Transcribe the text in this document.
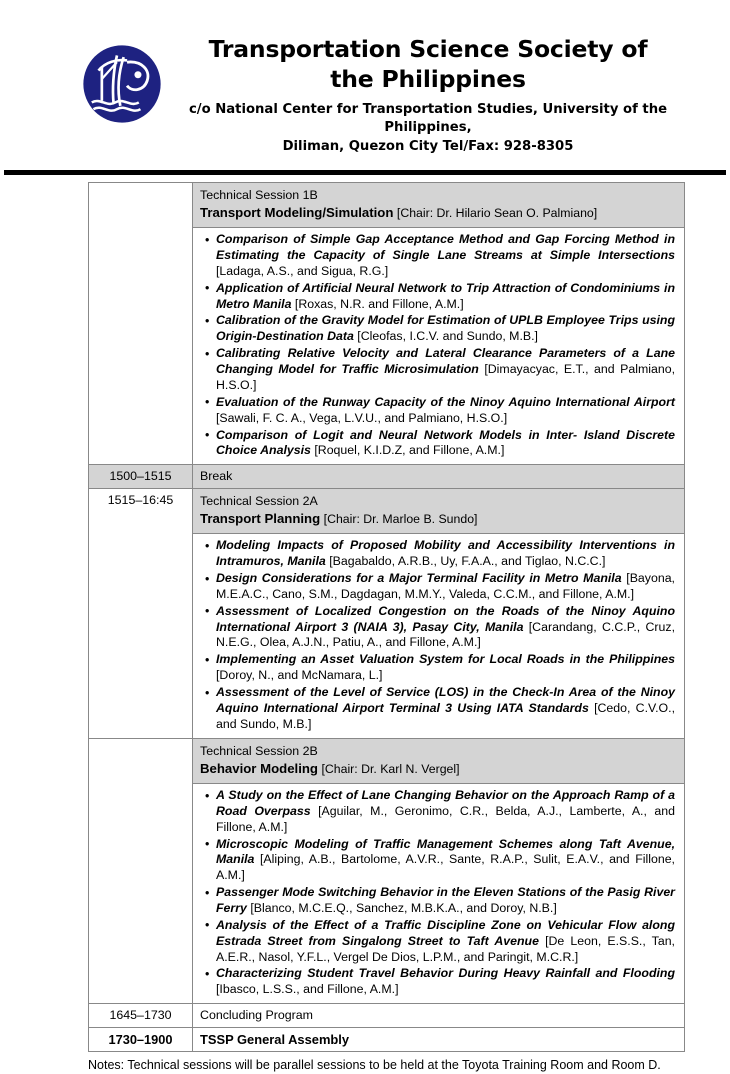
Transportation Science Society of the Philippines

c/o National Center for Transportation Studies, University of the Philippines,
Diliman, Quezon City Tel/Fax: 928-8305

	Technical Session 1B
Transport Modeling/Simulation [Chair: Dr. Hilario Sean O. Palmiano]

• Comparison of Simple Gap Acceptance Method and Gap Forcing Method in Estimating the Capacity of Single Lane Streams at Simple Intersections [Ladaga, A.S., and Sigua, R.G.]
• Application of Artificial Neural Network to Trip Attraction of Condominiums in Metro Manila [Roxas, N.R. and Fillone, A.M.]
• Calibration of the Gravity Model for Estimation of UPLB Employee Trips using Origin-Destination Data [Cleofas, I.C.V. and Sundo, M.B.]
• Calibrating Relative Velocity and Lateral Clearance Parameters of a Lane Changing Model for Traffic Microsimulation [Dimayacyac, E.T., and Palmiano, H.S.O.]
• Evaluation of the Runway Capacity of the Ninoy Aquino International Airport [Sawali, F. C. A., Vega, L.V.U., and Palmiano, H.S.O.]
• Comparison of Logit and Neural Network Models in Inter- Island Discrete Choice Analysis [Roquel, K.I.D.Z, and Fillone, A.M.]

1500–1515	Break

1515–16:45	Technical Session 2A
Transport Planning [Chair: Dr. Marloe B. Sundo]

• Modeling Impacts of Proposed Mobility and Accessibility Interventions in Intramuros, Manila [Bagabaldo, A.R.B., Uy, F.A.A., and Tiglao, N.C.C.]
• Design Considerations for a Major Terminal Facility in Metro Manila [Bayona, M.E.A.C., Cano, S.M., Dagdagan, M.M.Y., Valeda, C.C.M., and Fillone, A.M.]
• Assessment of Localized Congestion on the Roads of the Ninoy Aquino International Airport 3 (NAIA 3), Pasay City, Manila [Carandang, C.C.P., Cruz, N.E.G., Olea, A.J.N., Patiu, A., and Fillone, A.M.]
• Implementing an Asset Valuation System for Local Roads in the Philippines [Doroy, N., and McNamara, L.]
• Assessment of the Level of Service (LOS) in the Check-In Area of the Ninoy Aquino International Airport Terminal 3 Using IATA Standards [Cedo, C.V.O., and Sundo, M.B.]

	Technical Session 2B
Behavior Modeling [Chair: Dr. Karl N. Vergel]

• A Study on the Effect of Lane Changing Behavior on the Approach Ramp of a Road Overpass [Aguilar, M., Geronimo, C.R., Belda, A.J., Lamberte, A., and Fillone, A.M.]
• Microscopic Modeling of Traffic Management Schemes along Taft Avenue, Manila [Aliping, A.B., Bartolome, A.V.R., Sante, R.A.P., Sulit, E.A.V., and Fillone, A.M.]
• Passenger Mode Switching Behavior in the Eleven Stations of the Pasig River Ferry [Blanco, M.C.E.Q., Sanchez, M.B.K.A., and Doroy, N.B.]
• Analysis of the Effect of a Traffic Discipline Zone on Vehicular Flow along Estrada Street from Singalong Street to Taft Avenue [De Leon, E.S.S., Tan, A.E.R., Nasol, Y.F.L., Vergel De Dios, L.P.M., and Paringit, M.C.R.]
• Characterizing Student Travel Behavior During Heavy Rainfall and Flooding [Ibasco, L.S.S., and Fillone, A.M.]

1645–1730	Concluding Program

1730–1900	TSSP General Assembly
Notes: Technical sessions will be parallel sessions to be held at the Toyota Training Room and Room D.
